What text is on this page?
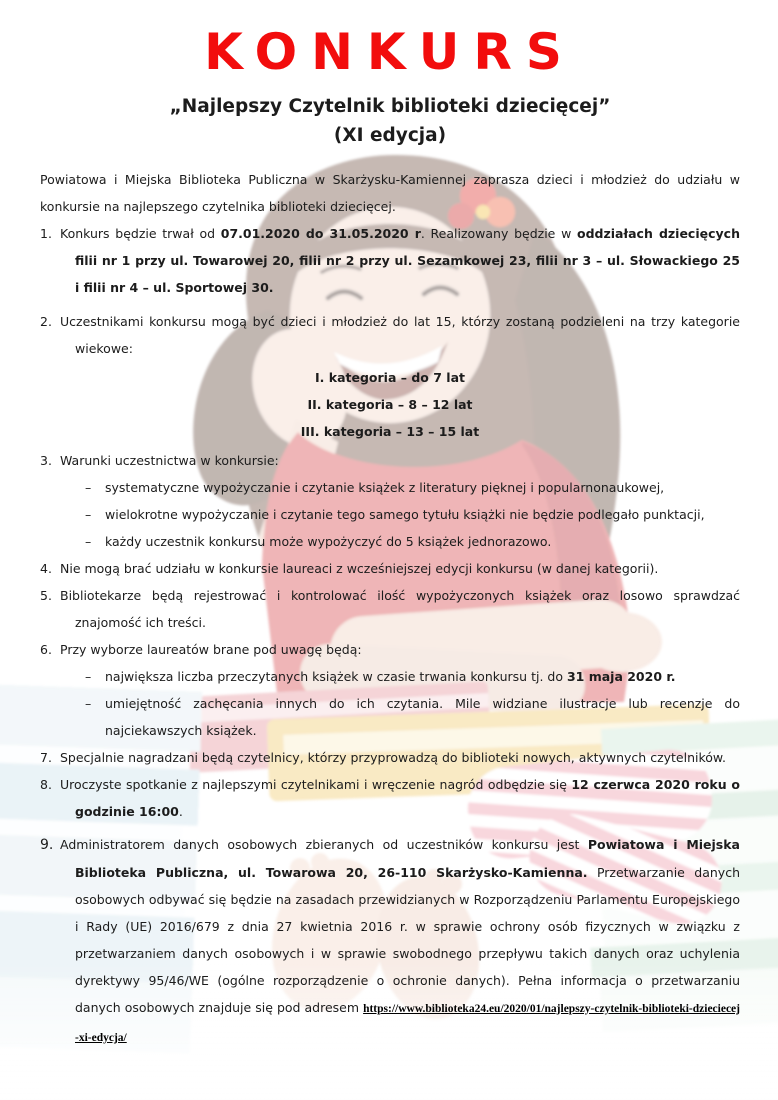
KONKURS
„Najlepszy Czytelnik biblioteki dziecięcej”
(XI edycja)

Powiatowa i Miejska Biblioteka Publiczna w Skarżysku-Kamiennej zaprasza dzieci i młodzież do udziału w konkursie na najlepszego czytelnika biblioteki dziecięcej.

1. Konkurs będzie trwał od 07.01.2020 do 31.05.2020 r. Realizowany będzie w oddziałach dziecięcych filii nr 1 przy ul. Towarowej 20, filii nr 2 przy ul. Sezamkowej 23, filii nr 3 – ul. Słowackiego 25 i filii nr 4 – ul. Sportowej 30.

2. Uczestnikami konkursu mogą być dzieci i młodzież do lat 15, którzy zostaną podzieleni na trzy kategorie wiekowe:

I. kategoria – do 7 lat
II. kategoria – 8 – 12 lat
III. kategoria – 13 – 15 lat

3. Warunki uczestnictwa w konkursie:

– systematyczne wypożyczanie i czytanie książek z literatury pięknej i popularnonaukowej,

– wielokrotne wypożyczanie i czytanie tego samego tytułu książki nie będzie podlegało punktacji,

– każdy uczestnik konkursu może wypożyczyć do 5 książek jednorazowo.

4. Nie mogą brać udziału w konkursie laureaci z wcześniejszej edycji konkursu (w danej kategorii).

5. Bibliotekarze będą rejestrować i kontrolować ilość wypożyczonych książek oraz losowo sprawdzać znajomość ich treści.

6. Przy wyborze laureatów brane pod uwagę będą:

– największa liczba przeczytanych książek w czasie trwania konkursu tj. do 31 maja 2020 r.

– umiejętność zachęcania innych do ich czytania. Mile widziane ilustracje lub recenzje do najciekawszych książek.

7. Specjalnie nagradzani będą czytelnicy, którzy przyprowadzą do biblioteki nowych, aktywnych czytelników.

8. Uroczyste spotkanie z najlepszymi czytelnikami i wręczenie nagród odbędzie się 12 czerwca 2020 roku o godzinie 16:00.

9. Administratorem danych osobowych zbieranych od uczestników konkursu jest Powiatowa i Miejska Biblioteka Publiczna, ul. Towarowa 20, 26-110 Skarżysko-Kamienna. Przetwarzanie danych osobowych odbywać się będzie na zasadach przewidzianych w Rozporządzeniu Parlamentu Europejskiego i Rady (UE) 2016/679 z dnia 27 kwietnia 2016 r. w sprawie ochrony osób fizycznych w związku z przetwarzaniem danych osobowych i w sprawie swobodnego przepływu takich danych oraz uchylenia dyrektywy 95/46/WE (ogólne rozporządzenie o ochronie danych). Pełna informacja o przetwarzaniu danych osobowych znajduje się pod adresem https://www.biblioteka24.eu/2020/01/najlepszy-czytelnik-biblioteki-dzieciecej-xi-edycja/
